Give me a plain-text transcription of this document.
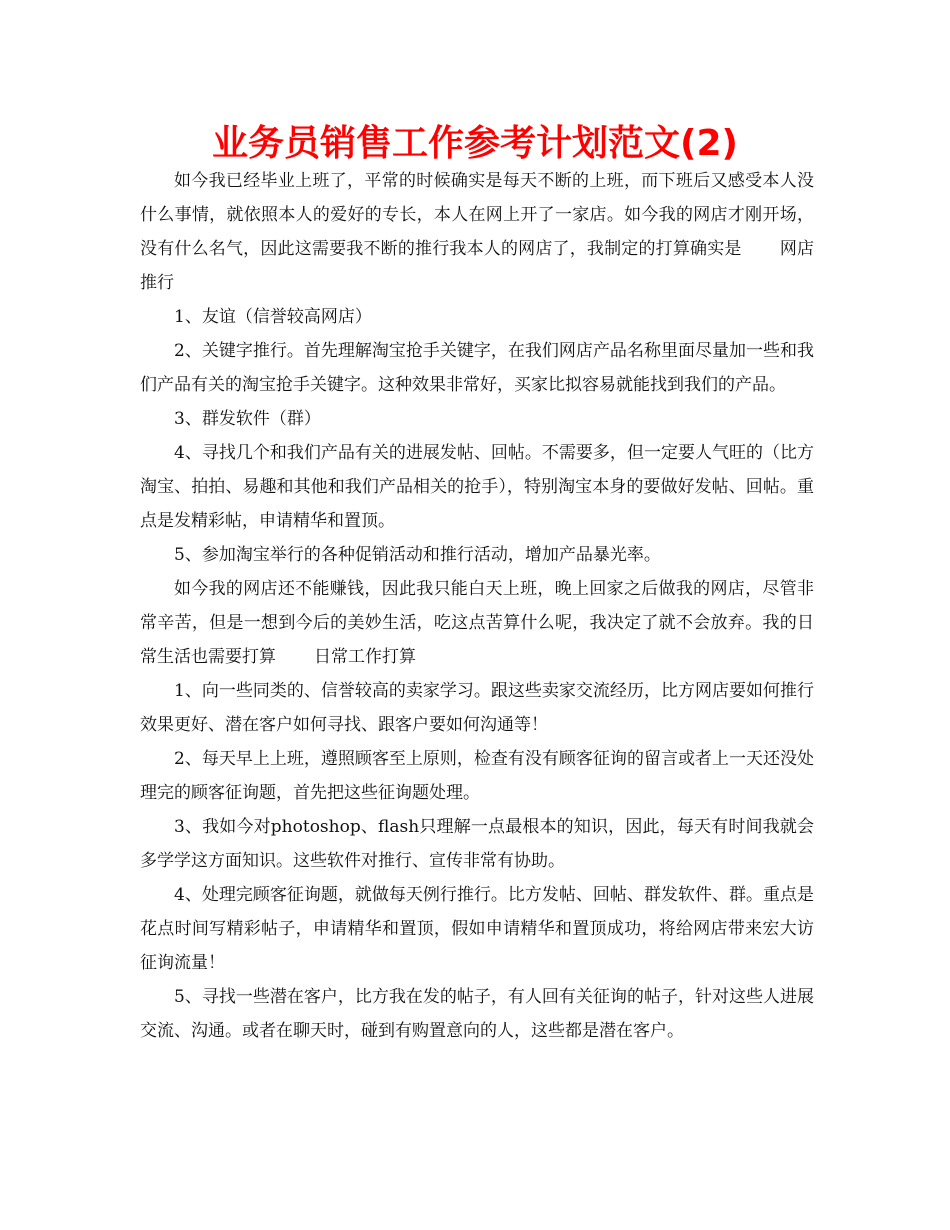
业务员销售工作参考计划范文(2)

如今我已经毕业上班了，平常的时候确实是每天不断的上班，而下班后又感受本人没什么事情，就依照本人的爱好的专长，本人在网上开了一家店。如今我的网店才刚开场，没有什么名气，因此这需要我不断的推行我本人的网店了，我制定的打算确实是 网店推行

1、友谊（信誉较高网店）

2、关键字推行。首先理解淘宝抢手关键字，在我们网店产品名称里面尽量加一些和我们产品有关的淘宝抢手关键字。这种效果非常好，买家比拟容易就能找到我们的产品。

3、群发软件（群）

4、寻找几个和我们产品有关的进展发帖、回帖。不需要多，但一定要人气旺的（比方淘宝、拍拍、易趣和其他和我们产品相关的抢手），特别淘宝本身的要做好发帖、回帖。重点是发精彩帖，申请精华和置顶。

5、参加淘宝举行的各种促销活动和推行活动，增加产品暴光率。

如今我的网店还不能赚钱，因此我只能白天上班，晚上回家之后做我的网店，尽管非常辛苦，但是一想到今后的美妙生活，吃这点苦算什么呢，我决定了就不会放弃。我的日常生活也需要打算 日常工作打算

1、向一些同类的、信誉较高的卖家学习。跟这些卖家交流经历，比方网店要如何推行效果更好、潜在客户如何寻找、跟客户要如何沟通等！

2、每天早上上班，遵照顾客至上原则，检查有没有顾客征询的留言或者上一天还没处理完的顾客征询题，首先把这些征询题处理。

3、我如今对photoshop、flash只理解一点最根本的知识，因此，每天有时间我就会多学学这方面知识。这些软件对推行、宣传非常有协助。

4、处理完顾客征询题，就做每天例行推行。比方发帖、回帖、群发软件、群。重点是花点时间写精彩帖子，申请精华和置顶，假如申请精华和置顶成功，将给网店带来宏大访征询流量！

5、寻找一些潜在客户，比方我在发的帖子，有人回有关征询的帖子，针对这些人进展交流、沟通。或者在聊天时，碰到有购置意向的人，这些都是潜在客户。
